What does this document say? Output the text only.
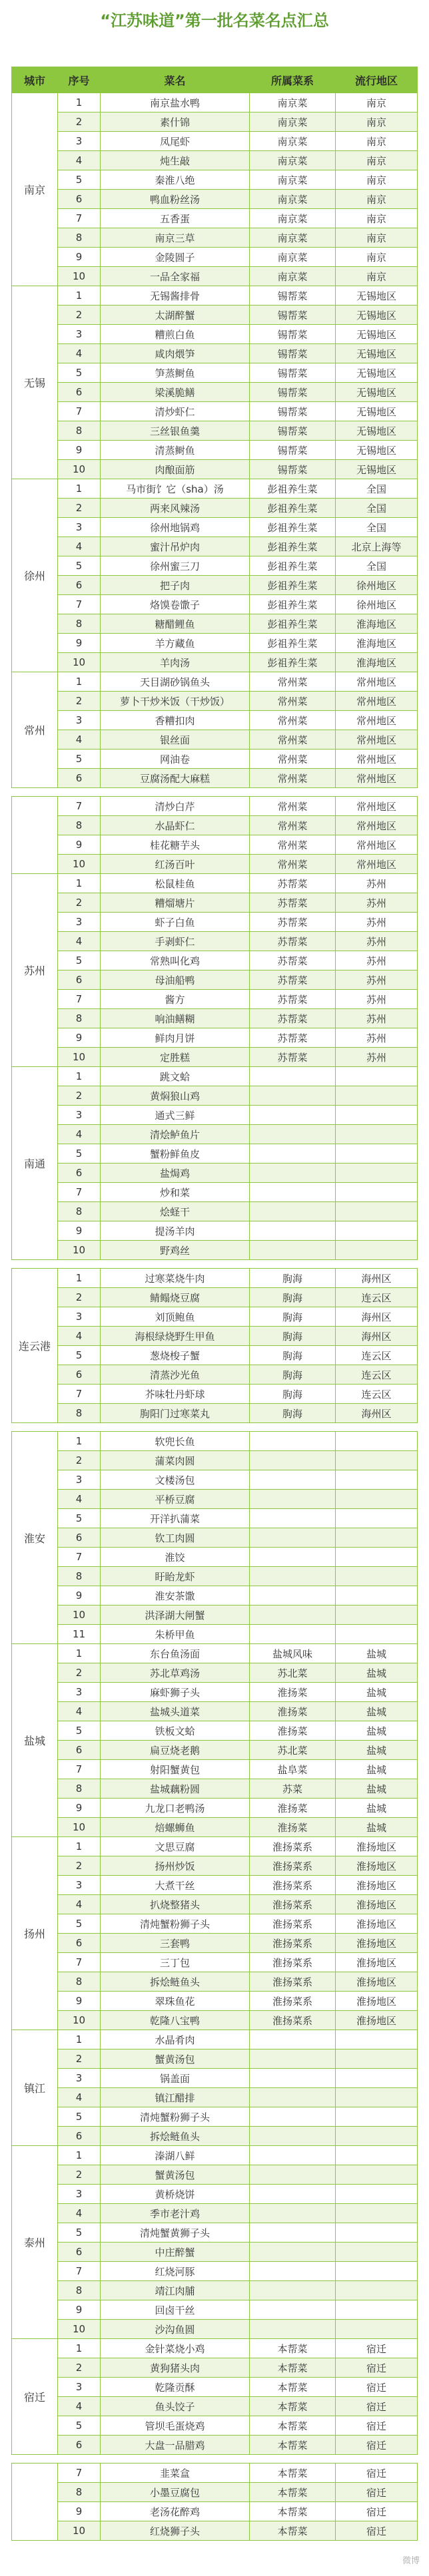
“江苏味道”第一批名菜名点汇总
城市	序号	菜名	所属菜系	流行地区
南京
1	南京盐水鸭	南京菜	南京
2	素什锦	南京菜	南京
3	凤尾虾	南京菜	南京
4	炖生敲	南京菜	南京
5	秦淮八绝	南京菜	南京
6	鸭血粉丝汤	南京菜	南京
7	五香蛋	南京菜	南京
8	南京三草	南京菜	南京
9	金陵圆子	南京菜	南京
10	一品全家福	南京菜	南京
无锡
1	无锡酱排骨	锡帮菜	无锡地区
2	太湖醉蟹	锡帮菜	无锡地区
3	糟煎白鱼	锡帮菜	无锡地区
4	咸肉煨笋	锡帮菜	无锡地区
5	笋蒸鲥鱼	锡帮菜	无锡地区
6	梁溪脆鳝	锡帮菜	无锡地区
7	清炒虾仁	锡帮菜	无锡地区
8	三丝银鱼羹	锡帮菜	无锡地区
9	清蒸鲥鱼	锡帮菜	无锡地区
10	肉酿面筋	锡帮菜	无锡地区
徐州
1	马市街饣它（sha）汤	彭祖养生菜	全国
2	两来风辣汤	彭祖养生菜	全国
3	徐州地锅鸡	彭祖养生菜	全国
4	蜜汁吊炉肉	彭祖养生菜	北京上海等
5	徐州蜜三刀	彭祖养生菜	全国
6	把子肉	彭祖养生菜	徐州地区
7	烙馍卷馓子	彭祖养生菜	徐州地区
8	糖醋鲤鱼	彭祖养生菜	淮海地区
9	羊方藏鱼	彭祖养生菜	淮海地区
10	羊肉汤	彭祖养生菜	淮海地区
常州
1	天目湖砂锅鱼头	常州菜	常州地区
2	萝卜干炒米饭（干炒饭）	常州菜	常州地区
3	香糟扣肉	常州菜	常州地区
4	银丝面	常州菜	常州地区
5	网油卷	常州菜	常州地区
6	豆腐汤配大麻糕	常州菜	常州地区
7	清炒白芹	常州菜	常州地区
8	水晶虾仁	常州菜	常州地区
9	桂花糖芋头	常州菜	常州地区
10	红汤百叶	常州菜	常州地区
苏州
1	松鼠桂鱼	苏帮菜	苏州
2	糟熘塘片	苏帮菜	苏州
3	虾子白鱼	苏帮菜	苏州
4	手剥虾仁	苏帮菜	苏州
5	常熟叫化鸡	苏帮菜	苏州
6	母油船鸭	苏帮菜	苏州
7	酱方	苏帮菜	苏州
8	响油鳝糊	苏帮菜	苏州
9	鲜肉月饼	苏帮菜	苏州
10	定胜糕	苏帮菜	苏州
南通
1	跳文蛤
2	黄焖狼山鸡
3	通式三鲜
4	清烩鲈鱼片
5	蟹粉鲜鱼皮
6	盐焗鸡
7	炒和菜
8	烩蛏干
9	提汤羊肉
10	野鸡丝
连云港
1	过寒菜烧牛肉	朐海	海州区
2	鲭鳎烧豆腐	朐海	连云区
3	刘顶鲍鱼	朐海	海州区
4	海根绿烧野生甲鱼	朐海	海州区
5	葱烧梭子蟹	朐海	连云区
6	清蒸沙光鱼	朐海	连云区
7	芥味牡丹虾球	朐海	连云区
8	朐阳门过寒菜丸	朐海	海州区
淮安
1	软兜长鱼
2	蒲菜肉圆
3	文楼汤包
4	平桥豆腐
5	开洋扒蒲菜
6	钦工肉圆
7	淮饺
8	盱眙龙虾
9	淮安茶馓
10	洪泽湖大闸蟹
11	朱桥甲鱼
盐城
1	东台鱼汤面	盐城风味	盐城
2	苏北草鸡汤	苏北菜	盐城
3	麻虾狮子头	淮扬菜	盐城
4	盐城头道菜	淮扬菜	盐城
5	铁板文蛤	淮扬菜	盐城
6	扁豆烧老鹅	苏北菜	盐城
7	射阳蟹黄包	盐阜菜	盐城
8	盐城藕粉圆	苏菜	盐城
9	九龙口老鸭汤	淮扬菜	盐城
10	焙螺蛳鱼	淮扬菜	盐城
扬州
1	文思豆腐	淮扬菜系	淮扬地区
2	扬州炒饭	淮扬菜系	淮扬地区
3	大煮干丝	淮扬菜系	淮扬地区
4	扒烧整猪头	淮扬菜系	淮扬地区
5	清炖蟹粉狮子头	淮扬菜系	淮扬地区
6	三套鸭	淮扬菜系	淮扬地区
7	三丁包	淮扬菜系	淮扬地区
8	拆烩鲢鱼头	淮扬菜系	淮扬地区
9	翠珠鱼花	淮扬菜系	淮扬地区
10	乾隆八宝鸭	淮扬菜系	淮扬地区
镇江
1	水晶肴肉
2	蟹黄汤包
3	锅盖面
4	镇江醋排
5	清炖蟹粉狮子头
6	拆烩鲢鱼头
泰州
1	溱湖八鲜
2	蟹黄汤包
3	黄桥烧饼
4	季市老汁鸡
5	清炖蟹黄狮子头
6	中庄醉蟹
7	红烧河豚
8	靖江肉脯
9	回卤干丝
10	沙沟鱼圆
宿迁
1	金针菜烧小鸡	本帮菜	宿迁
2	黄狗猪头肉	本帮菜	宿迁
3	乾隆贡酥	本帮菜	宿迁
4	鱼头饺子	本帮菜	宿迁
5	管坝毛蛋烧鸡	本帮菜	宿迁
6	大盘一品腊鸡	本帮菜	宿迁
7	韭菜盒	本帮菜	宿迁
8	小墨豆腐包	本帮菜	宿迁
9	老汤花醉鸡	本帮菜	宿迁
10	红烧狮子头	本帮菜	宿迁
微博
